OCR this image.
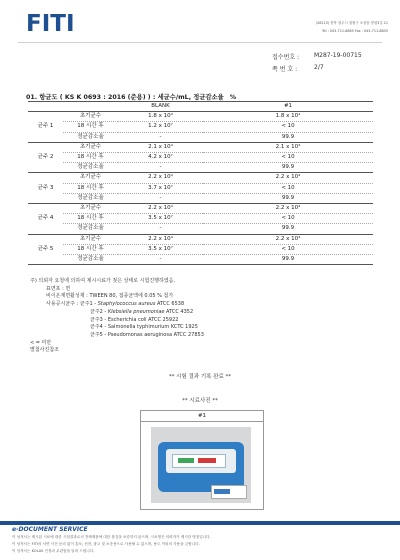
FITI	(28115) 충북 청주시 청원구 오창읍 양청3길 21
Tel : 043-711-8865 Fax : 043-711-8805
접수번호 : M287-19-00715
쪽 번 호 :	2/7
01. 항균도 ( KS K 0693 : 2016 (준용) ) : 세균수/mL, 정균감소율 %
		BLANK	#1
균주 1	초기균수	1.8 x 10⁴	1.8 x 10⁴
	18 시간 후	1.2 x 10⁷	< 10
	정균감소율	-	99.9
균주 2	초기균수	2.1 x 10⁴	2.1 x 10⁴
	18 시간 후	4.2 x 10⁷	< 10
	정균감소율	-	99.9
균주 3	초기균수	2.2 x 10⁴	2.2 x 10⁴
	18 시간 후	3.7 x 10⁷	< 10
	정균감소율	-	99.9
균주 4	초기균수	2.2 x 10⁴	2.2 x 10⁴
	18 시간 후	3.5 x 10⁷	< 10
	정균감소율	-	99.9
균주 5	초기균수	2.2 x 10⁴	2.2 x 10⁴
	18 시간 후	3.5 x 10⁷	< 10
	정균감소율	-	99.9
주) 의뢰자 요청에 의하여 제시시료가 젖은 상태로 시험진행하였음.
표면포 : 면
비이온계면활성제 : TWEEN 80, 접종균액에 0.05 % 첨가
사용공시균주 : 균주1 - Staphylococcus aureus ATCC 6538
균주2 - Klebsiella pneumoniae ATCC 4352
균주3 - Escherichia coli ATCC 25922
균주4 - Salmonella typhimurium KCTC 1925
균주5 - Pseudomonas aeruginosa ATCC 27853
< = 미만
별첨사진참조
** 시험 결과 기록 완료 **
** 시료사진 **
#1
e-DOCUMENT SERVICE
이 성적서는 제시된 시료에 대한 시험결과로서 전체제품에 대한 품질을 보증하지 않으며, 시료명은 의뢰자가 제시한 명칭입니다.
이 성적서는 FITI의 서면 사전 동의 없이 홍보, 선전, 광고 및 소송용으로 사용될 수 없으며, 용도 이외의 사용을 금합니다.
이 성적서는 KOLAS 인정과 무관함을 알려 드립니다.
